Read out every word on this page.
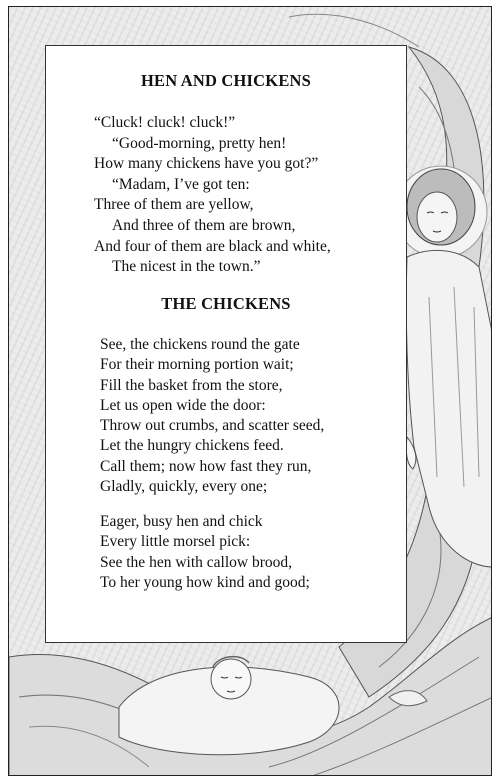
HEN AND CHICKENS
“Cluck! cluck! cluck!”
“Good-morning, pretty hen!
How many chickens have you got?”
“Madam, I’ve got ten:
Three of them are yellow,
And three of them are brown,
And four of them are black and white,
The nicest in the town.”
THE CHICKENS
See, the chickens round the gate
For their morning portion wait;
Fill the basket from the store,
Let us open wide the door:
Throw out crumbs, and scatter seed,
Let the hungry chickens feed.
Call them; now how fast they run,
Gladly, quickly, every one;
Eager, busy hen and chick
Every little morsel pick:
See the hen with callow brood,
To her young how kind and good;
